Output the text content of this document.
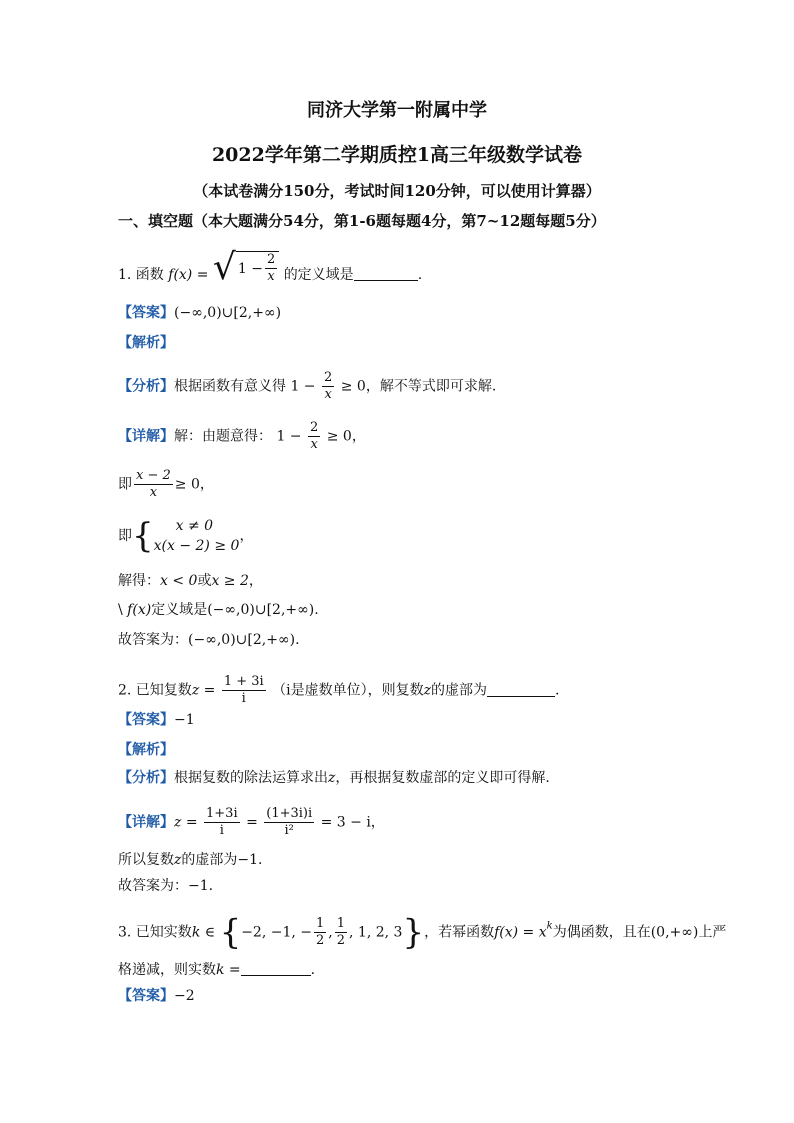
同济大学第一附属中学
2022学年第二学期质控1高三年级数学试卷
（本试卷满分150分，考试时间120分钟，可以使用计算器）
一、填空题（本大题满分54分，第1-6题每题4分，第7~12题每题5分）
1. 函数 f(x) = √ $1 - \frac{2}{x}$ 的定义域是	.
【答案】(−∞,0)∪[2,+∞)
【解析】
【分析】根据函数有意义得 $1 - \frac{2}{x} \ge 0$，解不等式即可求解.
【详解】解：由题意得： $1 - \frac{2}{x} \ge 0$，
即 $\frac{x - 2}{x} \ge 0$，
即{	x ≠ 0
x(x − 2) ≥ 0
，
解得：x < 0或x ≥ 2，
\ f(x)定义域是(−∞,0)∪[2,+∞).
故答案为：(−∞,0)∪[2,+∞).
2. 已知复数$z = \frac{1 + 3i}{i} (i$是虚数单位），则复数z的虚部为	.
【答案】−1
【解析】
【分析】根据复数的除法运算求出z，再根据复数虚部的定义即可得解.
【详解】$z = \frac{1+3i}{i} = \frac{(1+3i)i}{\text{i²}} = 3 - i$，
所以复数z的虚部为−1.
故答案为：−1.
3. 已知实数k ∈ {−2, −1, − $\frac{1}{2}$ , $\frac{1}{2}$ , 1, 2, 3}，若幂函数$f(x) = x^k$为偶函数，且在(0,+∞)上严
格递减，则实数k =	.
【答案】−2
